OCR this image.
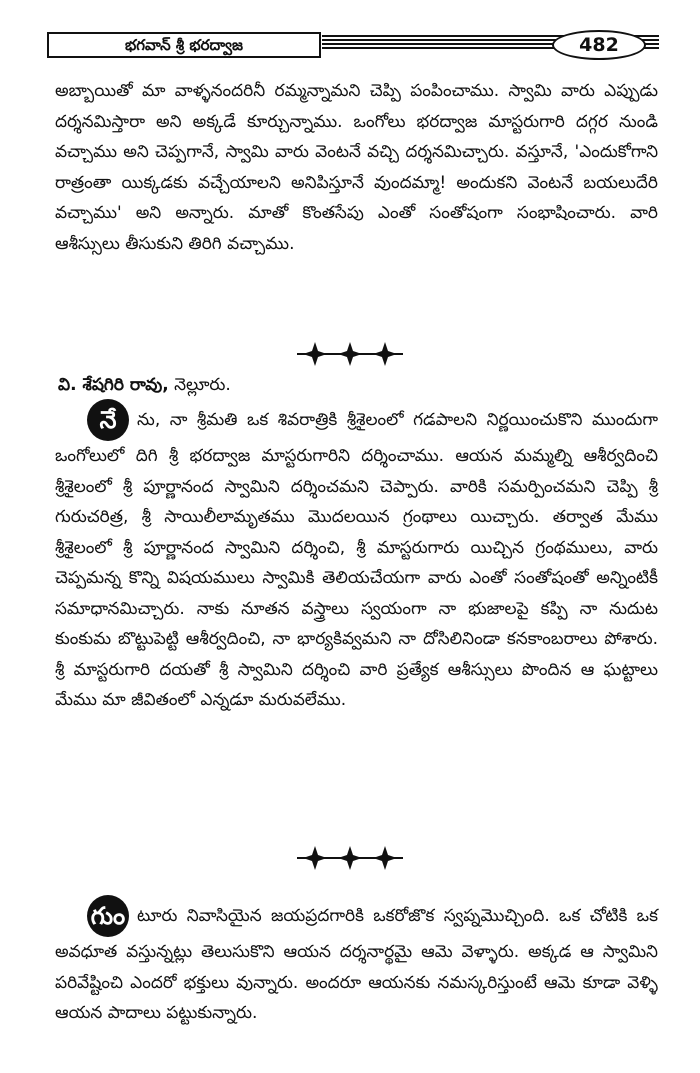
భగవాన్ శ్రీ భరద్వాజ	482

అబ్బాయితో మా వాళ్ళనందరినీ రమ్మన్నామని చెప్పి పంపించాము. స్వామి వారు ఎప్పుడు దర్శనమిస్తారా అని అక్కడే కూర్చున్నాము. ఒంగోలు భరద్వాజ మాస్టరుగారి దగ్గర నుండి వచ్చాము అని చెప్పగానే, స్వామి వారు వెంటనే వచ్చి దర్శనమిచ్చారు. వస్తూనే, 'ఎందుకోగాని రాత్రంతా యిక్కడకు వచ్చేయాలని అనిపిస్తూనే వుందమ్మా! అందుకని వెంటనే బయలుదేరి వచ్చాము' అని అన్నారు. మాతో కొంతసేపు ఎంతో సంతోషంగా సంభాషించారు. వారి ఆశీస్సులు తీసుకుని తిరిగి వచ్చాము.

వి. శేషగిరి రావు, నెల్లూరు.

నే ను, నా శ్రీమతి ఒక శివరాత్రికి శ్రీశైలంలో గడపాలని నిర్ణయించుకొని ముందుగా ఒంగోలులో దిగి శ్రీ భరద్వాజ మాస్టరుగారిని దర్శించాము. ఆయన మమ్మల్ని ఆశీర్వదించి శ్రీశైలంలో శ్రీ పూర్ణానంద స్వామిని దర్శించమని చెప్పారు. వారికి సమర్పించమని చెప్పి శ్రీ గురుచరిత్ర, శ్రీ సాయిలీలామృతము మొదలయిన గ్రంథాలు యిచ్చారు. తర్వాత మేము శ్రీశైలంలో శ్రీ పూర్ణానంద స్వామిని దర్శించి, శ్రీ మాస్టరుగారు యిచ్చిన గ్రంథములు, వారు చెప్పమన్న కొన్ని విషయములు స్వామికి తెలియచేయగా వారు ఎంతో సంతోషంతో అన్నింటికీ సమాధానమిచ్చారు. నాకు నూతన వస్త్రాలు స్వయంగా నా భుజాలపై కప్పి నా నుదుట కుంకుమ బొట్టుపెట్టి ఆశీర్వదించి, నా భార్యకివ్వమని నా దోసిలినిండా కనకాంబరాలు పోశారు. శ్రీ మాస్టరుగారి దయతో శ్రీ స్వామిని దర్శించి వారి ప్రత్యేక ఆశీస్సులు పొందిన ఆ ఘట్టాలు మేము మా జీవితంలో ఎన్నడూ మరువలేము.

గుం టూరు నివాసియైన జయప్రదగారికి ఒకరోజొక స్వప్నమొచ్చింది. ఒక చోటికి ఒక అవధూత వస్తున్నట్లు తెలుసుకొని ఆయన దర్శనార్థమై ఆమె వెళ్ళారు. అక్కడ ఆ స్వామిని పరివేష్టించి ఎందరో భక్తులు వున్నారు. అందరూ ఆయనకు నమస్కరిస్తుంటే ఆమె కూడా వెళ్ళి ఆయన పాదాలు పట్టుకున్నారు.
